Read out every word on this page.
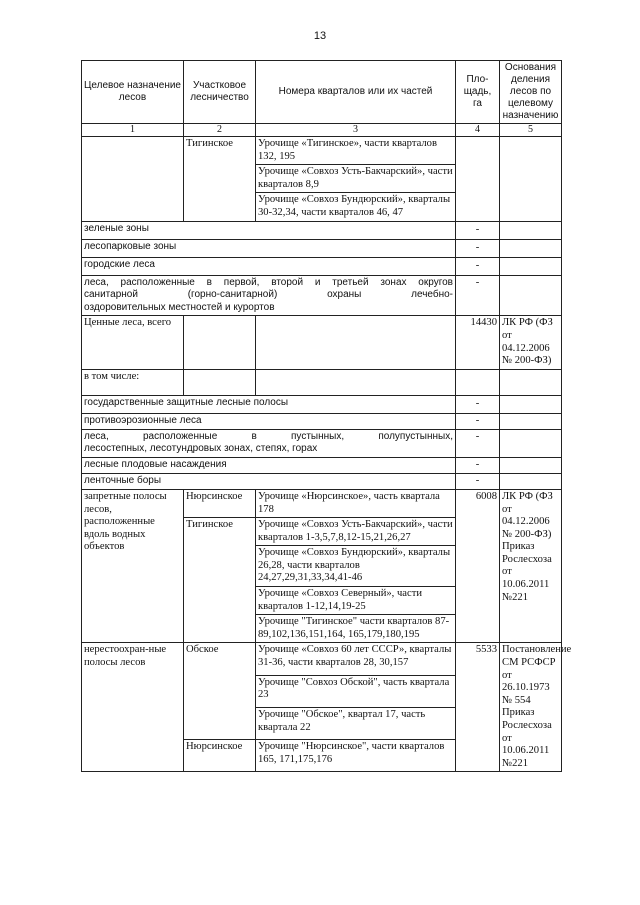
13
Целевое назначение лесов	Участковое лесничество	Номера кварталов или их частей	Пло-щадь, га	Основания деления лесов по целевому назначению
1	2	3	4	5
	Тигинское	Урочище «Тигинское», части кварталов 132, 195		
		Урочище «Совхоз Усть-Бакчарский», части кварталов 8,9		
		Урочище «Совхоз Бундюрский», кварталы 30-32,34, части кварталов 46, 47		
зеленые зоны			-	
лесопарковые зоны			-	
городские леса			-	

леса, расположенные в первой, второй и третьей зонах округов
санитарной (горно-санитарной) охраны лечебно-
оздоровительных местностей и курортов			-	
Ценные леса, всего			14430	ЛК РФ (ФЗ от 04.12.2006 № 200-ФЗ)
в том числе:				
государственные защитные лесные полосы			-	
противоэрозионные леса			-	

леса, расположенные в пустынных, полупустынных,
лесостепных, лесотундровых зонах, степях, горах			-	
лесные плодовые насаждения			-	
ленточные боры			-	
запретные полосы лесов, расположенные вдоль водных объектов	Нюрсинское	Урочище «Нюрсинское», часть квартала 178	6008	ЛК РФ (ФЗ от 04.12.2006 № 200-ФЗ) Приказ Рослесхоза от 10.06.2011 №221
	Тигинское	Урочище «Совхоз Усть-Бакчарский», части кварталов 1-3,5,7,8,12-15,21,26,27		
		Урочище «Совхоз Бундюрский», кварталы 26,28, части кварталов 24,27,29,31,33,34,41-46		
		Урочище «Совхоз Северный», части кварталов 1-12,14,19-25		
		Урочище "Тигинское" части кварталов 87-89,102,136,151,164, 165,179,180,195		
нерестоохран-ные полосы лесов	Обское	Урочище «Совхоз 60 лет СССР», кварталы 31-36, части кварталов 28, 30,157	5533	Постановление СМ РСФСР от 26.10.1973 № 554 Приказ Рослесхоза от 10.06.2011 №221
		Урочище "Совхоз Обской", часть квартала 23		
		Урочище "Обское", квартал 17, часть квартала 22		
	Нюрсинское	Урочище "Нюрсинское", части кварталов 165, 171,175,176		
